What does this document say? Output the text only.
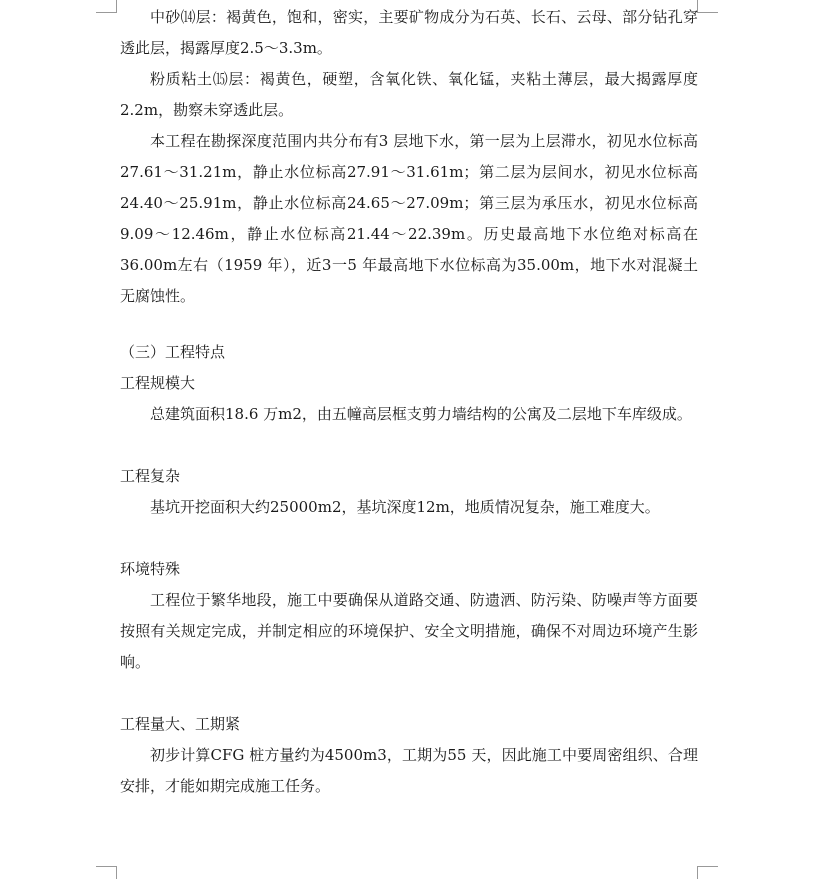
中砂⒁层：褐黄色，饱和，密实，主要矿物成分为石英、长石、云母、部分钻孔穿透此层，揭露厚度2.5～3.3m。

粉质粘土⒂层：褐黄色，硬塑，含氧化铁、氧化锰，夹粘土薄层，最大揭露厚度2.2m，勘察未穿透此层。

本工程在勘探深度范围内共分布有3 层地下水，第一层为上层滞水，初见水位标高27.61～31.21m，静止水位标高27.91～31.61m；第二层为层间水，初见水位标高24.40～25.91m，静止水位标高24.65～27.09m；第三层为承压水，初见水位标高9.09～12.46m，静止水位标高21.44～22.39m。历史最高地下水位绝对标高在36.00m左右（1959 年），近3一5 年最高地下水位标高为35.00m，地下水对混凝土无腐蚀性。

（三）工程特点

工程规模大

总建筑面积18.6 万m2，由五幢高层框支剪力墙结构的公寓及二层地下车库级成。

工程复杂

基坑开挖面积大约25000m2，基坑深度12m，地质情况复杂，施工难度大。

环境特殊

工程位于繁华地段，施工中要确保从道路交通、防遗洒、防污染、防噪声等方面要按照有关规定完成，并制定相应的环境保护、安全文明措施，确保不对周边环境产生影响。

工程量大、工期紧

初步计算CFG 桩方量约为4500m3，工期为55 天，因此施工中要周密组织、合理安排，才能如期完成施工任务。
